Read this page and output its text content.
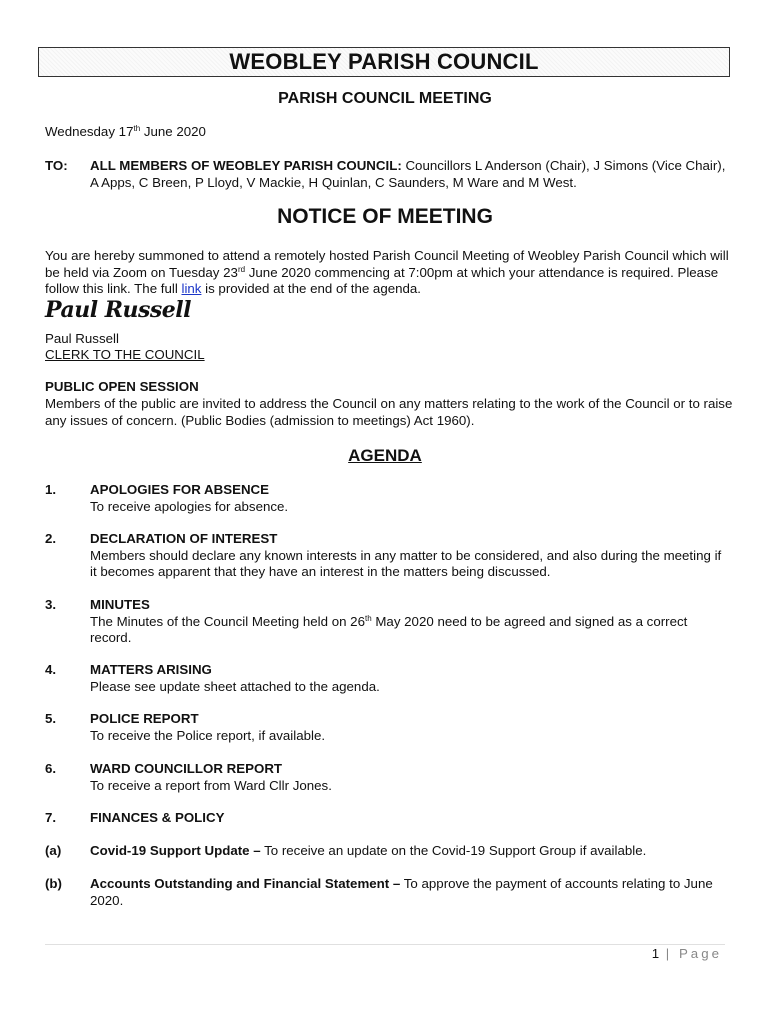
WEOBLEY PARISH COUNCIL
PARISH COUNCIL MEETING
Wednesday 17th June 2020
TO: ALL MEMBERS OF WEOBLEY PARISH COUNCIL: Councillors L Anderson (Chair), J Simons (Vice Chair), A Apps, C Breen, P Lloyd, V Mackie, H Quinlan, C Saunders, M Ware and M West.
NOTICE OF MEETING
You are hereby summoned to attend a remotely hosted Parish Council Meeting of Weobley Parish Council which will be held via Zoom on Tuesday 23rd June 2020 commencing at 7:00pm at which your attendance is required. Please follow this link. The full link is provided at the end of the agenda.
Paul Russell
Paul Russell
CLERK TO THE COUNCIL
PUBLIC OPEN SESSION
Members of the public are invited to address the Council on any matters relating to the work of the Council or to raise any issues of concern. (Public Bodies (admission to meetings) Act 1960).
AGENDA
1.	APOLOGIES FOR ABSENCE
To receive apologies for absence.
2.	DECLARATION OF INTEREST
Members should declare any known interests in any matter to be considered, and also during the meeting if it becomes apparent that they have an interest in the matters being discussed.
3.	MINUTES
The Minutes of the Council Meeting held on 26th May 2020 need to be agreed and signed as a correct record.
4.	MATTERS ARISING
Please see update sheet attached to the agenda.
5.	POLICE REPORT
To receive the Police report, if available.
6.	WARD COUNCILLOR REPORT
To receive a report from Ward Cllr Jones.
7.	FINANCES & POLICY
(a) Covid-19 Support Update – To receive an update on the Covid-19 Support Group if available.
(b) Accounts Outstanding and Financial Statement – To approve the payment of accounts relating to June 2020.
1 | Page
